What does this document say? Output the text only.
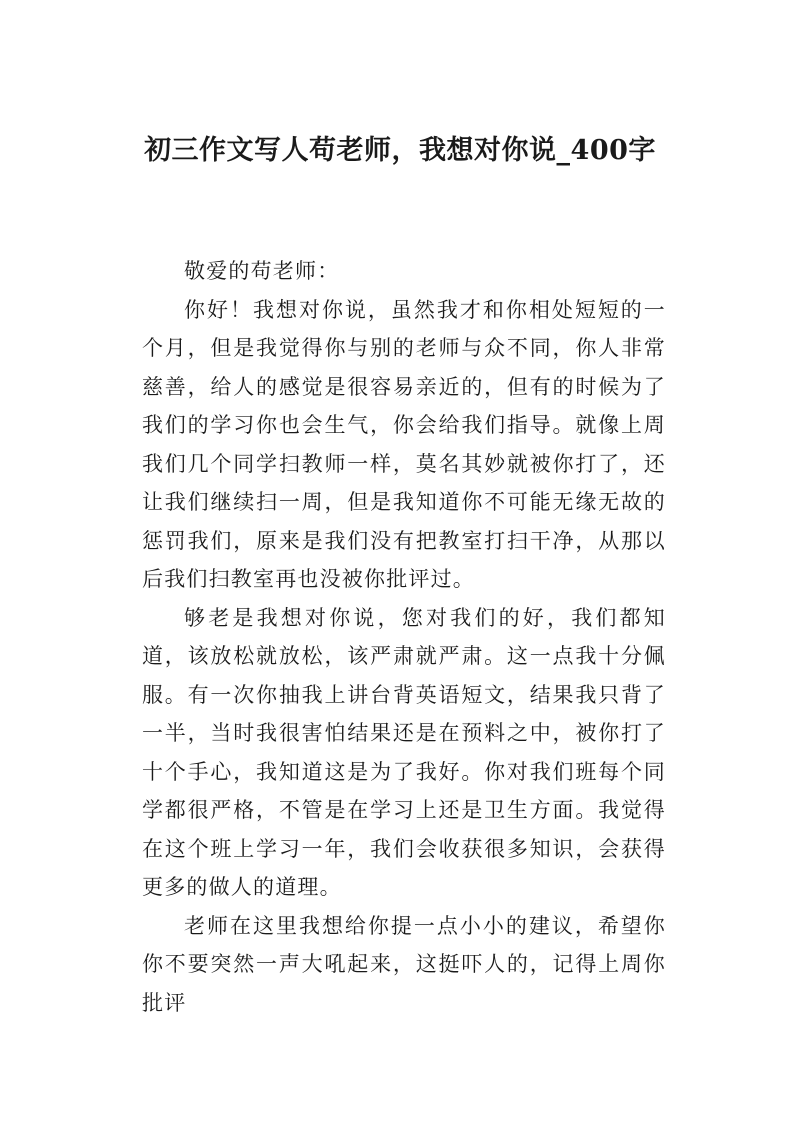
初三作文写人苟老师，我想对你说_400字

敬爱的苟老师：

你好！我想对你说，虽然我才和你相处短短的一个月，但是我觉得你与别的老师与众不同，你人非常慈善，给人的感觉是很容易亲近的，但有的时候为了我们的学习你也会生气，你会给我们指导。就像上周我们几个同学扫教师一样，莫名其妙就被你打了，还让我们继续扫一周，但是我知道你不可能无缘无故的惩罚我们，原来是我们没有把教室打扫干净，从那以后我们扫教室再也没被你批评过。

够老是我想对你说，您对我们的好，我们都知道，该放松就放松，该严肃就严肃。这一点我十分佩服。有一次你抽我上讲台背英语短文，结果我只背了一半，当时我很害怕结果还是在预料之中，被你打了十个手心，我知道这是为了我好。你对我们班每个同学都很严格，不管是在学习上还是卫生方面。我觉得在这个班上学习一年，我们会收获很多知识，会获得更多的做人的道理。

老师在这里我想给你提一点小小的建议，希望你你不要突然一声大吼起来，这挺吓人的，记得上周你批评
